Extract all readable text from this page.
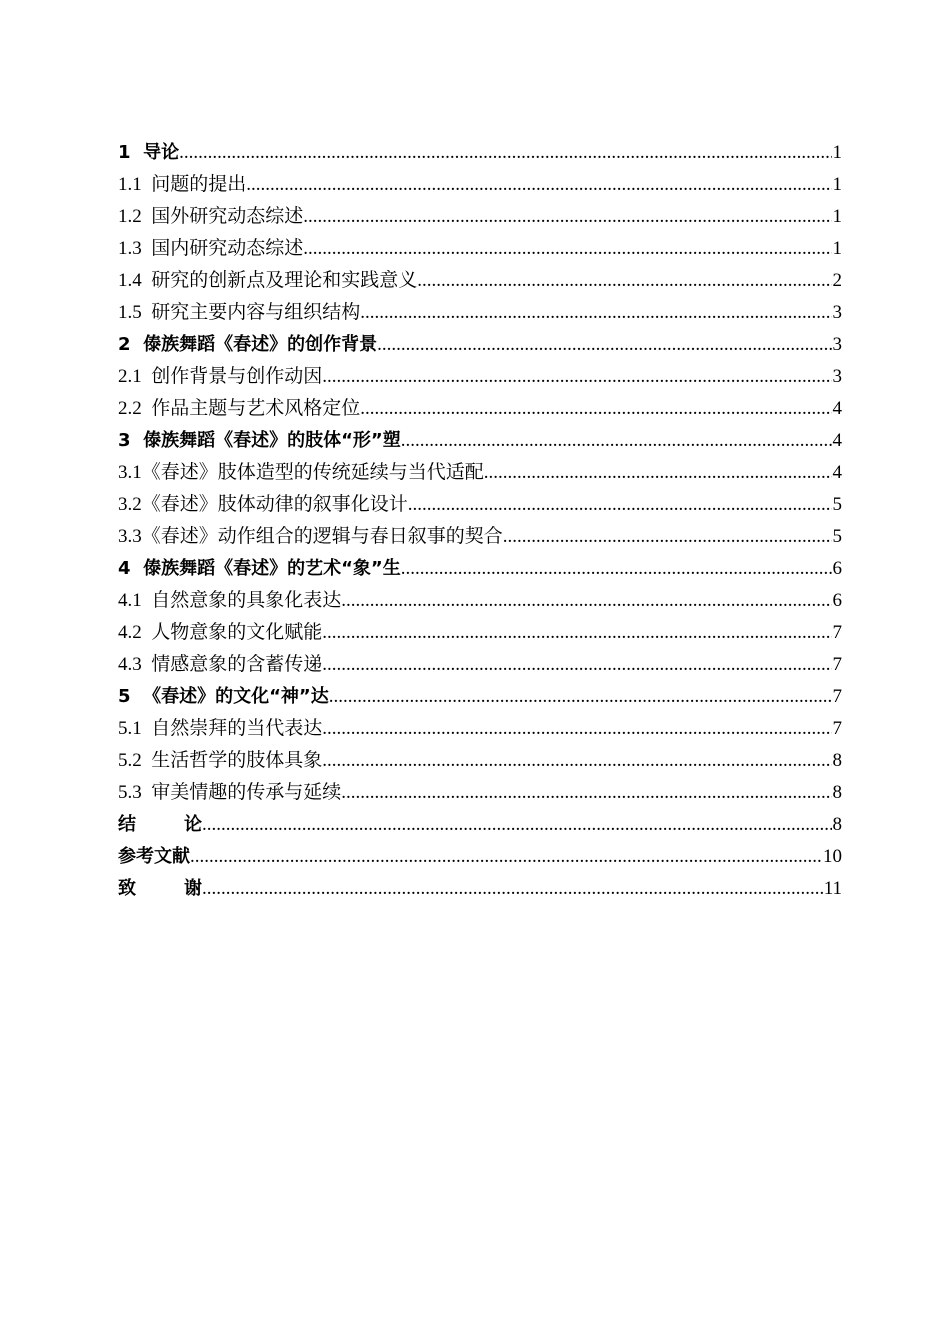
1 导论 .....	1
1.1 问题的提出 .....	1
1.2 国外研究动态综述 .....	1
1.3 国内研究动态综述 .....	1
1.4 研究的创新点及理论和实践意义 .....	2
1.5 研究主要内容与组织结构 .....	3
2 傣族舞蹈《春述》的创作背景 .....	3
2.1 创作背景与创作动因 .....	3
2.2 作品主题与艺术风格定位 .....	4
3 傣族舞蹈《春述》的肢体“形”塑 .....	4
3.1《春述》肢体造型的传统延续与当代适配 .....	4
3.2《春述》肢体动律的叙事化设计 .....	5
3.3《春述》动作组合的逻辑与春日叙事的契合 .....	5
4 傣族舞蹈《春述》的艺术“象”生 .....	6
4.1 自然意象的具象化表达 .....	6
4.2 人物意象的文化赋能 .....	7
4.3 情感意象的含蓄传递 .....	7
5 《春述》的文化“神”达 .....	7
5.1 自然崇拜的当代表达 .....	7
5.2 生活哲学的肢体具象 .....	8
5.3 审美情趣的传承与延续 .....	8
结	论 .....	8
参考文献 .....	10
致	谢 .....	11
